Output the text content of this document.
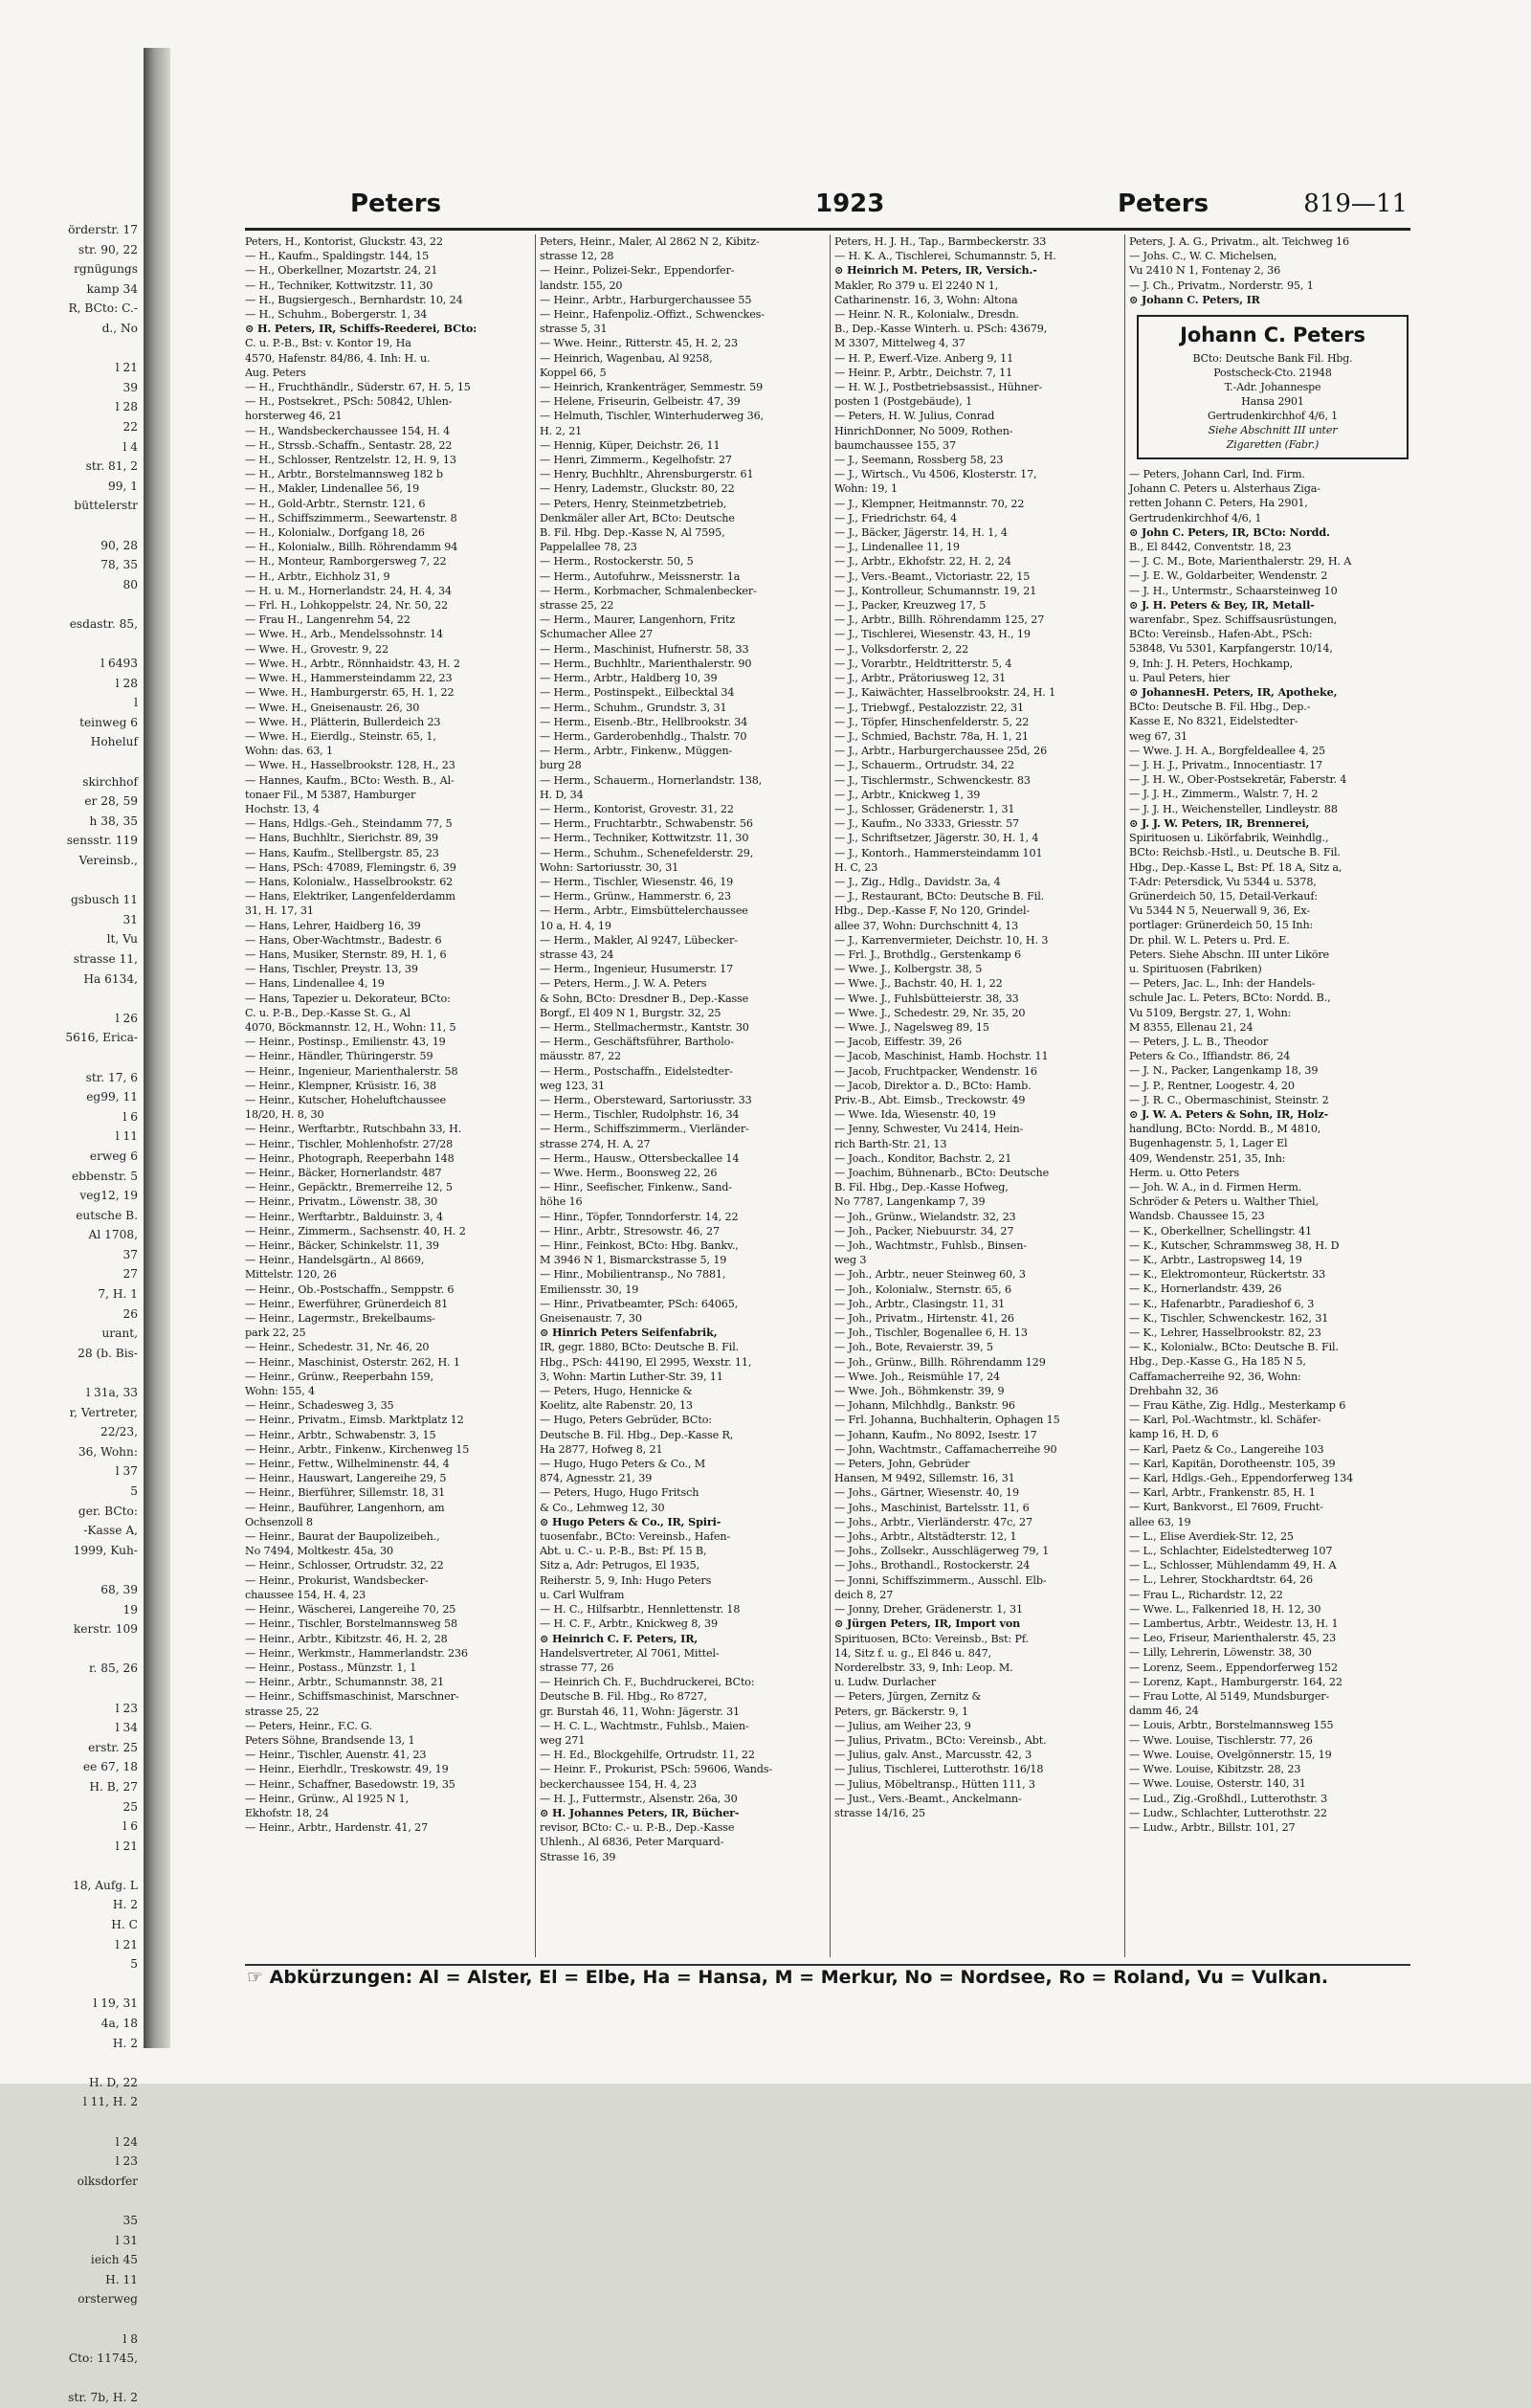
örderstr. 17
str. 90, 22
rgnügungs
kamp 34
R, BCto: C.-
d., No

l 21
39
l 28
22
l 4
str. 81, 2
99, 1
büttelerstr

90, 28
78, 35
80

esdastr. 85,

l 6493
l 28
l
teinweg 6
Hoheluf

skirchhof
er 28, 59
h 38, 35
sensstr. 119
Vereinsb.,

gsbusch 11
31
lt, Vu
strasse 11,
Ha 6134,

l 26
5616, Erica-

str. 17, 6
eg99, 11
l 6
l 11
erweg 6
ebbenstr. 5
veg12, 19
eutsche B.
Al 1708,
37
27
7, H. 1
26
urant,
28 (b. Bis-

l 31a, 33
r, Vertreter,
22/23,
36, Wohn:
l 37
5
ger. BCto:
-Kasse A,
1999, Kuh-

68, 39
19
kerstr. 109

r. 85, 26

l 23
l 34
erstr. 25
ee 67, 18
H. B, 27
25
l 6
l 21

18, Aufg. L
H. 2
H. C
l 21
5

l 19, 31
4a, 18
H. 2

H. D, 22
l 11, H. 2

l 24
l 23
olksdorfer

35
l 31
ieich 45
H. 11
orsterweg

l 8
Cto: 11745,

str. 7b, H. 2
Peters	1923	Peters	819—11
Peters, H., Kontorist, Gluckstr. 43, 22
— H., Kaufm., Spaldingstr. 144, 15
— H., Oberkellner, Mozartstr. 24, 21
— H., Techniker, Kottwitzstr. 11, 30
— H., Bugsiergesch., Bernhardstr. 10, 24
— H., Schuhm., Bobergerstr. 1, 34
⊙ H. Peters, IR, Schiffs-Reederei, BCto:
C. u. P.-B., Bst: v. Kontor 19, Ha
4570, Hafenstr. 84/86, 4. Inh: H. u.
Aug. Peters
— H., Fruchthändlr., Süderstr. 67, H. 5, 15
— H., Postsekret., PSch: 50842, Uhlen-
horsterweg 46, 21
— H., Wandsbeckerchaussee 154, H. 4
— H., Strssb.-Schaffn., Sentastr. 28, 22
— H., Schlosser, Rentzelstr. 12, H. 9, 13
— H., Arbtr., Borstelmannsweg 182 b
— H., Makler, Lindenallee 56, 19
— H., Gold-Arbtr., Sternstr. 121, 6
— H., Schiffszimmerm., Seewartenstr. 8
— H., Kolonialw., Dorfgang 18, 26
— H., Kolonialw., Billh. Röhrendamm 94
— H., Monteur, Ramborgersweg 7, 22
— H., Arbtr., Eichholz 31, 9
— H. u. M., Hornerlandstr. 24, H. 4, 34
— Frl. H., Lohkoppelstr. 24, Nr. 50, 22
— Frau H., Langenrehm 54, 22
— Wwe. H., Arb., Mendelssohnstr. 14
— Wwe. H., Grovestr. 9, 22
— Wwe. H., Arbtr., Rönnhaidstr. 43, H. 2
— Wwe. H., Hammersteindamm 22, 23
— Wwe. H., Hamburgerstr. 65, H. 1, 22
— Wwe. H., Gneisenaustr. 26, 30
— Wwe. H., Plätterin, Bullerdeich 23
— Wwe. H., Eierdlg., Steinstr. 65, 1,
Wohn: das. 63, 1
— Wwe. H., Hasselbrookstr. 128, H., 23
— Hannes, Kaufm., BCto: Westh. B., Al-
tonaer Fil., M 5387, Hamburger
Hochstr. 13, 4
— Hans, Hdlgs.-Geh., Steindamm 77, 5
— Hans, Buchhltr., Sierichstr. 89, 39
— Hans, Kaufm., Stellbergstr. 85, 23
— Hans, PSch: 47089, Flemingstr. 6, 39
— Hans, Kolonialw., Hasselbrookstr. 62
— Hans, Elektriker, Langenfelderdamm
31, H. 17, 31
— Hans, Lehrer, Haidberg 16, 39
— Hans, Ober-Wachtmstr., Badestr. 6
— Hans, Musiker, Sternstr. 89, H. 1, 6
— Hans, Tischler, Preystr. 13, 39
— Hans, Lindenallee 4, 19
— Hans, Tapezier u. Dekorateur, BCto:
C. u. P.-B., Dep.-Kasse St. G., Al
4070, Böckmannstr. 12, H., Wohn: 11, 5
— Heinr., Postinsp., Emilienstr. 43, 19
— Heinr., Händler, Thüringerstr. 59
— Heinr., Ingenieur, Marienthalerstr. 58
— Heinr., Klempner, Krüsistr. 16, 38
— Heinr., Kutscher, Hoheluftchaussee
18/20, H. 8, 30
— Heinr., Werftarbtr., Rutschbahn 33, H.
— Heinr., Tischler, Mohlenhofstr. 27/28
— Heinr., Photograph, Reeperbahn 148
— Heinr., Bäcker, Hornerlandstr. 487
— Heinr., Gepäcktr., Bremerreihe 12, 5
— Heinr., Privatm., Löwenstr. 38, 30
— Heinr., Werftarbtr., Balduinstr. 3, 4
— Heinr., Zimmerm., Sachsenstr. 40, H. 2
— Heinr., Bäcker, Schinkelstr. 11, 39
— Heinr., Handelsgärtn., Al 8669,
Mittelstr. 120, 26
— Heinr., Ob.-Postschaffn., Semppstr. 6
— Heinr., Ewerführer, Grünerdeich 81
— Heinr., Lagermstr., Brekelbaums-
park 22, 25
— Heinr., Schedestr. 31, Nr. 46, 20
— Heinr., Maschinist, Osterstr. 262, H. 1
— Heinr., Grünw., Reeperbahn 159,
Wohn: 155, 4
— Heinr., Schadesweg 3, 35
— Heinr., Privatm., Eimsb. Marktplatz 12
— Heinr., Arbtr., Schwabenstr. 3, 15
— Heinr., Arbtr., Finkenw., Kirchenweg 15
— Heinr., Fettw., Wilhelminenstr. 44, 4
— Heinr., Hauswart, Langereihe 29, 5
— Heinr., Bierführer, Sillemstr. 18, 31
— Heinr., Bauführer, Langenhorn, am
Ochsenzoll 8
— Heinr., Baurat der Baupolizeibeh.,
No 7494, Moltkestr. 45a, 30
— Heinr., Schlosser, Ortrudstr. 32, 22
— Heinr., Prokurist, Wandsbecker-
chaussee 154, H. 4, 23
— Heinr., Wäscherei, Langereihe 70, 25
— Heinr., Tischler, Borstelmannsweg 58
— Heinr., Arbtr., Kibitzstr. 46, H. 2, 28
— Heinr., Werkmstr., Hammerlandstr. 236
— Heinr., Postass., Münzstr. 1, 1
— Heinr., Arbtr., Schumannstr. 38, 21
— Heinr., Schiffsmaschinist, Marschner-
strasse 25, 22
— Peters, Heinr., F.C. G.
Peters Söhne, Brandsende 13, 1
— Heinr., Tischler, Auenstr. 41, 23
— Heinr., Eierhdlr., Treskowstr. 49, 19
— Heinr., Schaffner, Basedowstr. 19, 35
— Heinr., Grünw., Al 1925 N 1,
Ekhofstr. 18, 24
— Heinr., Arbtr., Hardenstr. 41, 27
Peters, Heinr., Maler, Al 2862 N 2, Kibitz-
strasse 12, 28
— Heinr., Polizei-Sekr., Eppendorfer-
landstr. 155, 20
— Heinr., Arbtr., Harburgerchaussee 55
— Heinr., Hafenpoliz.-Offizt., Schwenckes-
strasse 5, 31
— Wwe. Heinr., Ritterstr. 45, H. 2, 23
— Heinrich, Wagenbau, Al 9258,
Koppel 66, 5
— Heinrich, Krankenträger, Semmestr. 59
— Helene, Friseurin, Gelbeistr. 47, 39
— Helmuth, Tischler, Winterhuderweg 36,
H. 2, 21
— Hennig, Küper, Deichstr. 26, 11
— Henri, Zimmerm., Kegelhofstr. 27
— Henry, Buchhltr., Ahrensburgerstr. 61
— Henry, Lademstr., Gluckstr. 80, 22
— Peters, Henry, Steinmetzbetrieb,
Denkmäler aller Art, BCto: Deutsche
B. Fil. Hbg. Dep.-Kasse N, Al 7595,
Pappelallee 78, 23
— Herm., Rostockerstr. 50, 5
— Herm., Autofuhrw., Meissnerstr. 1a
— Herm., Korbmacher, Schmalenbecker-
strasse 25, 22
— Herm., Maurer, Langenhorn, Fritz
Schumacher Allee 27
— Herm., Maschinist, Hufnerstr. 58, 33
— Herm., Buchhltr., Marienthalerstr. 90
— Herm., Arbtr., Haldberg 10, 39
— Herm., Postinspekt., Eilbecktal 34
— Herm., Schuhm., Grundstr. 3, 31
— Herm., Eisenb.-Btr., Hellbrookstr. 34
— Herm., Garderobenhdlg., Thalstr. 70
— Herm., Arbtr., Finkenw., Müggen-
burg 28
— Herm., Schauerm., Hornerlandstr. 138,
H. D, 34
— Herm., Kontorist, Grovestr. 31, 22
— Herm., Fruchtarbtr., Schwabenstr. 56
— Herm., Techniker, Kottwitzstr. 11, 30
— Herm., Schuhm., Schenefelderstr. 29,
Wohn: Sartoriusstr. 30, 31
— Herm., Tischler, Wiesenstr. 46, 19
— Herm., Grünw., Hammerstr. 6, 23
— Herm., Arbtr., Eimsbüttelerchaussee
10 a, H. 4, 19
— Herm., Makler, Al 9247, Lübecker-
strasse 43, 24
— Herm., Ingenieur, Husumerstr. 17
— Peters, Herm., J. W. A. Peters
& Sohn, BCto: Dresdner B., Dep.-Kasse
Borgf., El 409 N 1, Burgstr. 32, 25
— Herm., Stellmachermstr., Kantstr. 30
— Herm., Geschäftsführer, Bartholo-
mäusstr. 87, 22
— Herm., Postschaffn., Eidelstedter-
weg 123, 31
— Herm., Obersteward, Sartoriusstr. 33
— Herm., Tischler, Rudolphstr. 16, 34
— Herm., Schiffszimmerm., Vierländer-
strasse 274, H. A, 27
— Herm., Hausw., Ottersbeckallee 14
— Wwe. Herm., Boonsweg 22, 26
— Hinr., Seefischer, Finkenw., Sand-
höhe 16
— Hinr., Töpfer, Tonndorferstr. 14, 22
— Hinr., Arbtr., Stresowstr. 46, 27
— Hinr., Feinkost, BCto: Hbg. Bankv.,
M 3946 N 1, Bismarckstrasse 5, 19
— Hinr., Mobilientransp., No 7881,
Emiliensstr. 30, 19
— Hinr., Privatbeamter, PSch: 64065,
Gneisenaustr. 7, 30
⊙ Hinrich Peters Seifenfabrik,
IR, gegr. 1880, BCto: Deutsche B. Fil.
Hbg., PSch: 44190, El 2995, Wexstr. 11,
3, Wohn: Martin Luther-Str. 39, 11
— Peters, Hugo, Hennicke &
Koelitz, alte Rabenstr. 20, 13
— Hugo, Peters Gebrüder, BCto:
Deutsche B. Fil. Hbg., Dep.-Kasse R,
Ha 2877, Hofweg 8, 21
— Hugo, Hugo Peters & Co., M
874, Agnesstr. 21, 39
— Peters, Hugo, Hugo Fritsch
& Co., Lehmweg 12, 30
⊙ Hugo Peters & Co., IR, Spiri-
tuosenfabr., BCto: Vereinsb., Hafen-
Abt. u. C.- u. P.-B., Bst: Pf. 15 B,
Sitz a, Adr: Petrugos, El 1935,
Reiherstr. 5, 9, Inh: Hugo Peters
u. Carl Wulfram
— H. C., Hilfsarbtr., Hennlettenstr. 18
— H. C. F., Arbtr., Knickweg 8, 39
⊙ Heinrich C. F. Peters, IR,
Handelsvertreter, Al 7061, Mittel-
strasse 77, 26
— Heinrich Ch. F., Buchdruckerei, BCto:
Deutsche B. Fil. Hbg., Ro 8727,
gr. Burstah 46, 11, Wohn: Jägerstr. 31
— H. C. L., Wachtmstr., Fuhlsb., Maien-
weg 271
— H. Ed., Blockgehilfe, Ortrudstr. 11, 22
— Heinr. F., Prokurist, PSch: 59606, Wands-
beckerchaussee 154, H. 4, 23
— H. J., Futtermstr., Alsenstr. 26a, 30
⊙ H. Johannes Peters, IR, Bücher-
revisor, BCto: C.- u. P.-B., Dep.-Kasse
Uhlenh., Al 6836, Peter Marquard-
Strasse 16, 39
Peters, H. J. H., Tap., Barmbeckerstr. 33
— H. K. A., Tischlerei, Schumannstr. 5, H.
⊙ Heinrich M. Peters, IR, Versich.-
Makler, Ro 379 u. El 2240 N 1,
Catharinenstr. 16, 3, Wohn: Altona
— Heinr. N. R., Kolonialw., Dresdn.
B., Dep.-Kasse Winterh. u. PSch: 43679,
M 3307, Mittelweg 4, 37
— H. P., Ewerf.-Vize. Anberg 9, 11
— Heinr. P., Arbtr., Deichstr. 7, 11
— H. W. J., Postbetriebsassist., Hühner-
posten 1 (Postgebäude), 1
— Peters, H. W. Julius, Conrad
HinrichDonner, No 5009, Rothen-
baumchaussee 155, 37
— J., Seemann, Rossberg 58, 23
— J., Wirtsch., Vu 4506, Klosterstr. 17,
Wohn: 19, 1
— J., Klempner, Heitmannstr. 70, 22
— J., Friedrichstr. 64, 4
— J., Bäcker, Jägerstr. 14, H. 1, 4
— J., Lindenallee 11, 19
— J., Arbtr., Ekhofstr. 22, H. 2, 24
— J., Vers.-Beamt., Victoriastr. 22, 15
— J., Kontrolleur, Schumannstr. 19, 21
— J., Packer, Kreuzweg 17, 5
— J., Arbtr., Billh. Röhrendamm 125, 27
— J., Tischlerei, Wiesenstr. 43, H., 19
— J., Volksdorferstr. 2, 22
— J., Vorarbtr., Heldtritterstr. 5, 4
— J., Arbtr., Prätoriusweg 12, 31
— J., Kaiwächter, Hasselbrookstr. 24, H. 1
— J., Triebwgf., Pestalozzistr. 22, 31
— J., Töpfer, Hinschenfelderstr. 5, 22
— J., Schmied, Bachstr. 78a, H. 1, 21
— J., Arbtr., Harburgerchaussee 25d, 26
— J., Schauerm., Ortrudstr. 34, 22
— J., Tischlermstr., Schwenckestr. 83
— J., Arbtr., Knickweg 1, 39
— J., Schlosser, Grädenerstr. 1, 31
— J., Kaufm., No 3333, Griesstr. 57
— J., Schriftsetzer, Jägerstr. 30, H. 1, 4
— J., Kontorh., Hammersteindamm 101
H. C, 23
— J., Zig., Hdlg., Davidstr. 3a, 4
— J., Restaurant, BCto: Deutsche B. Fil.
Hbg., Dep.-Kasse F, No 120, Grindel-
allee 37, Wohn: Durchschnitt 4, 13
— J., Karrenvermieter, Deichstr. 10, H. 3
— Frl. J., Brothdlg., Gerstenkamp 6
— Wwe. J., Kolbergstr. 38, 5
— Wwe. J., Bachstr. 40, H. 1, 22
— Wwe. J., Fuhlsbütteierstr. 38, 33
— Wwe. J., Schedestr. 29, Nr. 35, 20
— Wwe. J., Nagelsweg 89, 15
— Jacob, Eiffestr. 39, 26
— Jacob, Maschinist, Hamb. Hochstr. 11
— Jacob, Fruchtpacker, Wendenstr. 16
— Jacob, Direktor a. D., BCto: Hamb.
Priv.-B., Abt. Eimsb., Treckowstr. 49
— Wwe. Ida, Wiesenstr. 40, 19
— Jenny, Schwester, Vu 2414, Hein-
rich Barth-Str. 21, 13
— Joach., Konditor, Bachstr. 2, 21
— Joachim, Bühnenarb., BCto: Deutsche
B. Fil. Hbg., Dep.-Kasse Hofweg,
No 7787, Langenkamp 7, 39
— Joh., Grünw., Wielandstr. 32, 23
— Joh., Packer, Niebuurstr. 34, 27
— Joh., Wachtmstr., Fuhlsb., Binsen-
weg 3
— Joh., Arbtr., neuer Steinweg 60, 3
— Joh., Kolonialw., Sternstr. 65, 6
— Joh., Arbtr., Clasingstr. 11, 31
— Joh., Privatm., Hirtenstr. 41, 26
— Joh., Tischler, Bogenallee 6, H. 13
— Joh., Bote, Revaierstr. 39, 5
— Joh., Grünw., Billh. Röhrendamm 129
— Wwe. Joh., Reismühle 17, 24
— Wwe. Joh., Böhmkenstr. 39, 9
— Johann, Milchhdlg., Bankstr. 96
— Frl. Johanna, Buchhalterin, Ophagen 15
— Johann, Kaufm., No 8092, Isestr. 17
— John, Wachtmstr., Caffamacherreihe 90
— Peters, John, Gebrüder
Hansen, M 9492, Sillemstr. 16, 31
— Johs., Gärtner, Wiesenstr. 40, 19
— Johs., Maschinist, Bartelsstr. 11, 6
— Johs., Arbtr., Vierländerstr. 47c, 27
— Johs., Arbtr., Altstädterstr. 12, 1
— Johs., Zollsekr., Ausschlägerweg 79, 1
— Johs., Brothandl., Rostockerstr. 24
— Jonni, Schiffszimmerm., Ausschl. Elb-
deich 8, 27
— Jonny, Dreher, Grädenerstr. 1, 31
⊙ Jürgen Peters, IR, Import von
Spirituosen, BCto: Vereinsb., Bst: Pf.
14, Sitz f. u. g., El 846 u. 847,
Norderelbstr. 33, 9, Inh: Leop. M.
u. Ludw. Durlacher
— Peters, Jürgen, Zernitz &
Peters, gr. Bäckerstr. 9, 1
— Julius, am Weiher 23, 9
— Julius, Privatm., BCto: Vereinsb., Abt.
— Julius, galv. Anst., Marcusstr. 42, 3
— Julius, Tischlerei, Lutterothstr. 16/18
— Julius, Möbeltransp., Hütten 111, 3
— Just., Vers.-Beamt., Anckelmann-
strasse 14/16, 25
Peters, J. A. G., Privatm., alt. Teichweg 16
— Johs. C., W. C. Michelsen,
Vu 2410 N 1, Fontenay 2, 36
— J. Ch., Privatm., Norderstr. 95, 1
⊙ Johann C. Peters, IR
Johann C. Peters
BCto: Deutsche Bank Fil. Hbg.
Postscheck-Cto. 21948
T.-Adr. Johannespe
Hansa 2901
Gertrudenkirchhof 4/6, 1
Siehe Abschnitt III unter
Zigaretten (Fabr.)
— Peters, Johann Carl, Ind. Firm.
Johann C. Peters u. Alsterhaus Ziga-
retten Johann C. Peters, Ha 2901,
Gertrudenkirchhof 4/6, 1
⊙ John C. Peters, IR, BCto: Nordd.
B., El 8442, Conventstr. 18, 23
— J. C. M., Bote, Marienthalerstr. 29, H. A
— J. E. W., Goldarbeiter, Wendenstr. 2
— J. H., Untermstr., Schaarsteinweg 10
⊙ J. H. Peters & Bey, IR, Metall-
warenfabr., Spez. Schiffsausrüstungen,
BCto: Vereinsb., Hafen-Abt., PSch:
53848, Vu 5301, Karpfangerstr. 10/14,
9, Inh: J. H. Peters, Hochkamp,
u. Paul Peters, hier
⊙ JohannesH. Peters, IR, Apotheke,
BCto: Deutsche B. Fil. Hbg., Dep.-
Kasse E, No 8321, Eidelstedter-
weg 67, 31
— Wwe. J. H. A., Borgfeldeallee 4, 25
— J. H. J., Privatm., Innocentiastr. 17
— J. H. W., Ober-Postsekretär, Faberstr. 4
— J. J. H., Zimmerm., Walstr. 7, H. 2
— J. J. H., Weichensteller, Lindleystr. 88
⊙ J. J. W. Peters, IR, Brennerei,
Spirituosen u. Likörfabrik, Weinhdlg.,
BCto: Reichsb.-Hstl., u. Deutsche B. Fil.
Hbg., Dep.-Kasse L, Bst: Pf. 18 A, Sitz a,
T-Adr: Petersdick, Vu 5344 u. 5378,
Grünerdeich 50, 15, Detail-Verkauf:
Vu 5344 N 5, Neuerwall 9, 36, Ex-
portlager: Grünerdeich 50, 15 Inh:
Dr. phil. W. L. Peters u. Prd. E.
Peters. Siehe Abschn. III unter Liköre
u. Spirituosen (Fabriken)
— Peters, Jac. L., Inh: der Handels-
schule Jac. L. Peters, BCto: Nordd. B.,
Vu 5109, Bergstr. 27, 1, Wohn:
M 8355, Ellenau 21, 24
— Peters, J. L. B., Theodor
Peters & Co., Iffiandstr. 86, 24
— J. N., Packer, Langenkamp 18, 39
— J. P., Rentner, Loogestr. 4, 20
— J. R. C., Obermaschinist, Steinstr. 2
⊙ J. W. A. Peters & Sohn, IR, Holz-
handlung, BCto: Nordd. B., M 4810,
Bugenhagenstr. 5, 1, Lager El
409, Wendenstr. 251, 35, Inh:
Herm. u. Otto Peters
— Joh. W. A., in d. Firmen Herm.
Schröder & Peters u. Walther Thiel,
Wandsb. Chaussee 15, 23
— K., Oberkellner, Schellingstr. 41
— K., Kutscher, Schrammsweg 38, H. D
— K., Arbtr., Lastropsweg 14, 19
— K., Elektromonteur, Rückertstr. 33
— K., Hornerlandstr. 439, 26
— K., Hafenarbtr., Paradieshof 6, 3
— K., Tischler, Schwenckestr. 162, 31
— K., Lehrer, Hasselbrookstr. 82, 23
— K., Kolonialw., BCto: Deutsche B. Fil.
Hbg., Dep.-Kasse G., Ha 185 N 5,
Caffamacherreihe 92, 36, Wohn:
Drehbahn 32, 36
— Frau Käthe, Zig. Hdlg., Mesterkamp 6
— Karl, Pol.-Wachtmstr., kl. Schäfer-
kamp 16, H. D, 6
— Karl, Paetz & Co., Langereihe 103
— Karl, Kapitän, Dorotheenstr. 105, 39
— Karl, Hdlgs.-Geh., Eppendorferweg 134
— Karl, Arbtr., Frankenstr. 85, H. 1
— Kurt, Bankvorst., El 7609, Frucht-
allee 63, 19
— L., Elise Averdiek-Str. 12, 25
— L., Schlachter, Eidelstedterweg 107
— L., Schlosser, Mühlendamm 49, H. A
— L., Lehrer, Stockhardtstr. 64, 26
— Frau L., Richardstr. 12, 22
— Wwe. L., Falkenried 18, H. 12, 30
— Lambertus, Arbtr., Weidestr. 13, H. 1
— Leo, Friseur, Marienthalerstr. 45, 23
— Lilly, Lehrerin, Löwenstr. 38, 30
— Lorenz, Seem., Eppendorferweg 152
— Lorenz, Kapt., Hamburgerstr. 164, 22
— Frau Lotte, Al 5149, Mundsburger-
damm 46, 24
— Louis, Arbtr., Borstelmannsweg 155
— Wwe. Louise, Tischlerstr. 77, 26
— Wwe. Louise, Ovelgönnerstr. 15, 19
— Wwe. Louise, Kibitzstr. 28, 23
— Wwe. Louise, Osterstr. 140, 31
— Lud., Zig.-Großhdl., Lutterothstr. 3
— Ludw., Schlachter, Lutterothstr. 22
— Ludw., Arbtr., Billstr. 101, 27
☞ Abkürzungen: Al = Alster, El = Elbe, Ha = Hansa, M = Merkur, No = Nordsee, Ro = Roland, Vu = Vulkan.
